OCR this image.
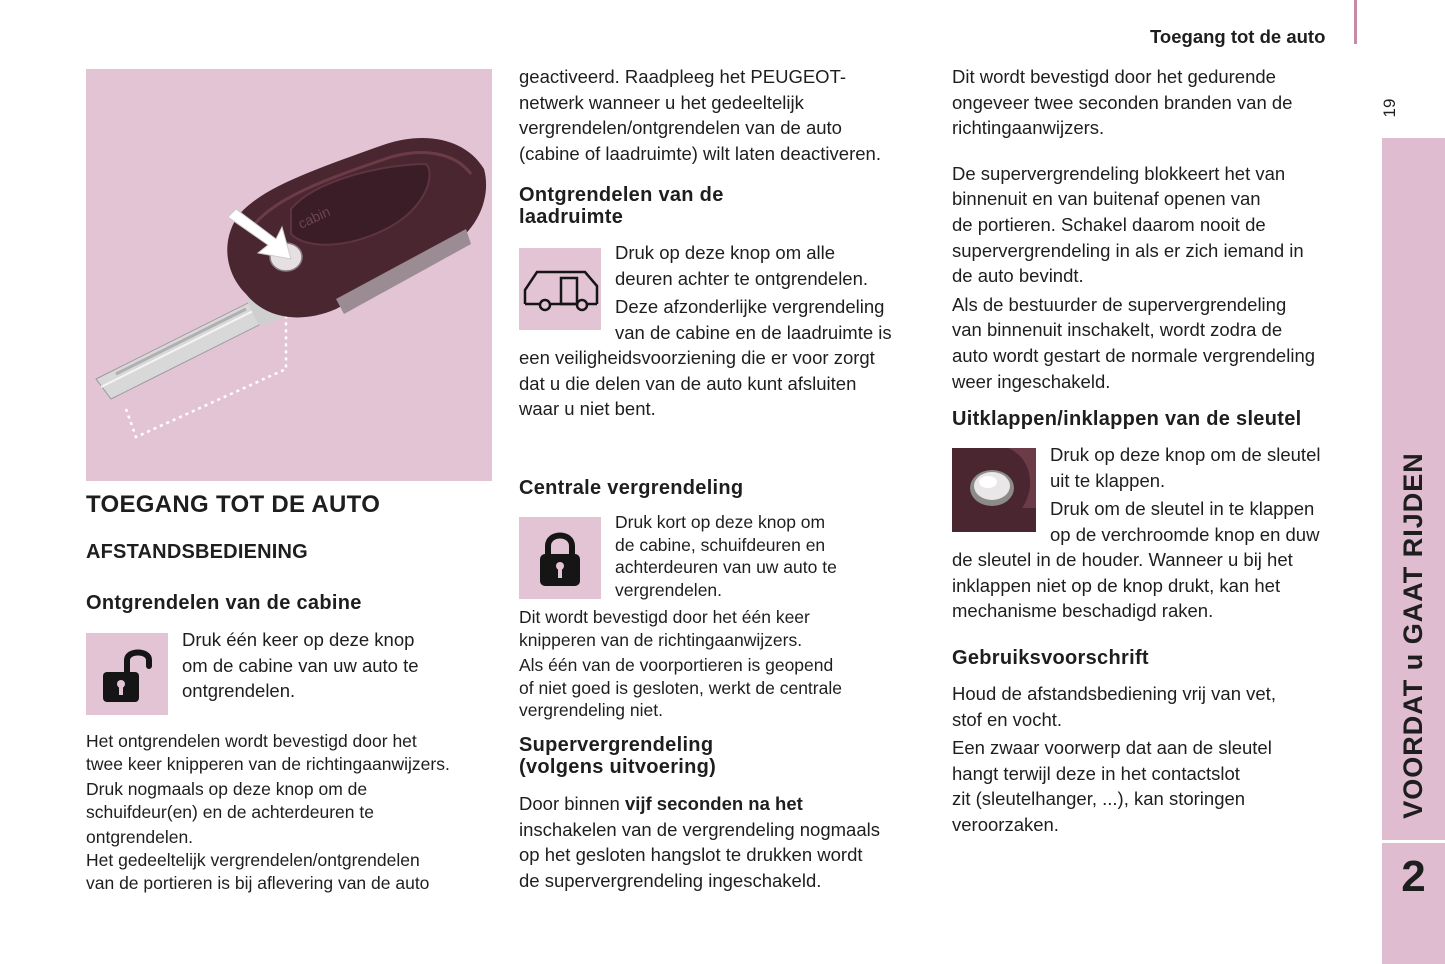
Toegang tot de auto
19
VOORDAT u GAAT RIJDEN
2
cabin
TOEGANG TOT DE AUTO
AFSTANDSBEDIENING
Ontgrendelen van de cabine

Druk één keer op deze knop

om de cabine van uw auto te

ontgrendelen.

Het ontgrendelen wordt bevestigd door het

twee keer knipperen van de richtingaanwijzers.

Druk nogmaals op deze knop om de

schuifdeur(en) en de achterdeuren te

ontgrendelen.

Het gedeeltelijk vergrendelen/ontgrendelen

van de portieren is bij aflevering van de auto

geactiveerd. Raadpleeg het PEUGEOT-

netwerk wanneer u het gedeeltelijk

vergrendelen/ontgrendelen van de auto

(cabine of laadruimte) wilt laten deactiveren.

Ontgrendelen van de
laadruimte

Druk op deze knop om alle

deuren achter te ontgrendelen.

Deze afzonderlijke vergrendeling

van de cabine en de laadruimte is

een veiligheidsvoorziening die er voor zorgt

dat u die delen van de auto kunt afsluiten

waar u niet bent.

Centrale vergrendeling

Druk kort op deze knop om

de cabine, schuifdeuren en

achterdeuren van uw auto te

vergrendelen.

Dit wordt bevestigd door het één keer

knipperen van de richtingaanwijzers.

Als één van de voorportieren is geopend

of niet goed is gesloten, werkt de centrale

vergrendeling niet.

Supervergrendeling
(volgens uitvoering)

Door binnen vijf seconden na het

inschakelen van de vergrendeling nogmaals

op het gesloten hangslot te drukken wordt

de supervergrendeling ingeschakeld.

Dit wordt bevestigd door het gedurende

ongeveer twee seconden branden van de

richtingaanwijzers.

De supervergrendeling blokkeert het van

binnenuit en van buitenaf openen van

de portieren. Schakel daarom nooit de

supervergrendeling in als er zich iemand in

de auto bevindt.

Als de bestuurder de supervergrendeling

van binnenuit inschakelt, wordt zodra de

auto wordt gestart de normale vergrendeling

weer ingeschakeld.

Uitklappen/inklappen van de sleutel

Druk op deze knop om de sleutel

uit te klappen.

Druk om de sleutel in te klappen

op de verchroomde knop en duw

de sleutel in de houder. Wanneer u bij het

inklappen niet op de knop drukt, kan het

mechanisme beschadigd raken.

Gebruiksvoorschrift

Houd de afstandsbediening vrij van vet,

stof en vocht.

Een zwaar voorwerp dat aan de sleutel

hangt terwijl deze in het contactslot

zit (sleutelhanger, ...), kan storingen

veroorzaken.
